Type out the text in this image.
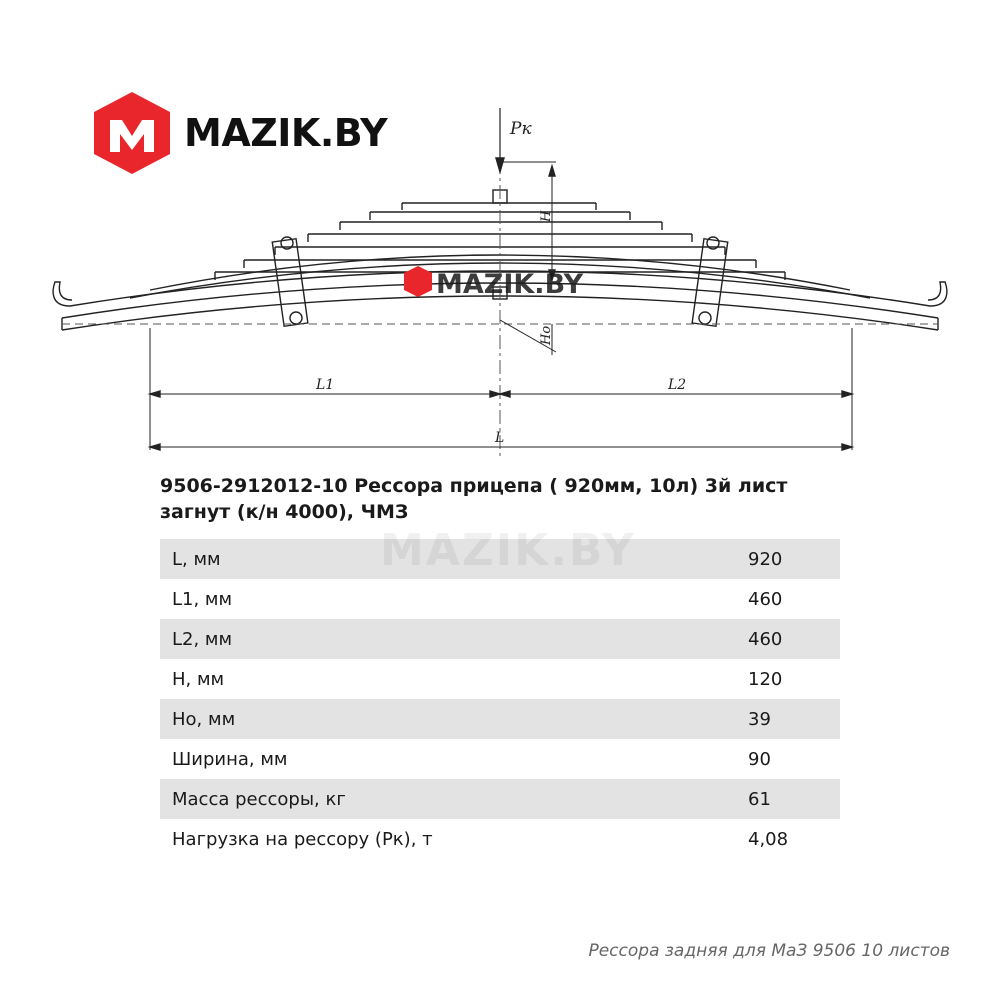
MAZIK.BY	Pк
H
Ho
L1	L2
L
MAZIK.BY
9506-2912012-10 Рессора прицепа ( 920мм, 10л) 3й лист загнут (к/н 4000), ЧМЗ
L, мм	920
L1, мм	460
L2, мм	460
H, мм	120
Ho, мм	39
Ширина, мм	90
Масса рессоры, кг	61
Нагрузка на рессору (Pк), т	4,08
Рессора задняя для МаЗ 9506 10 листов
